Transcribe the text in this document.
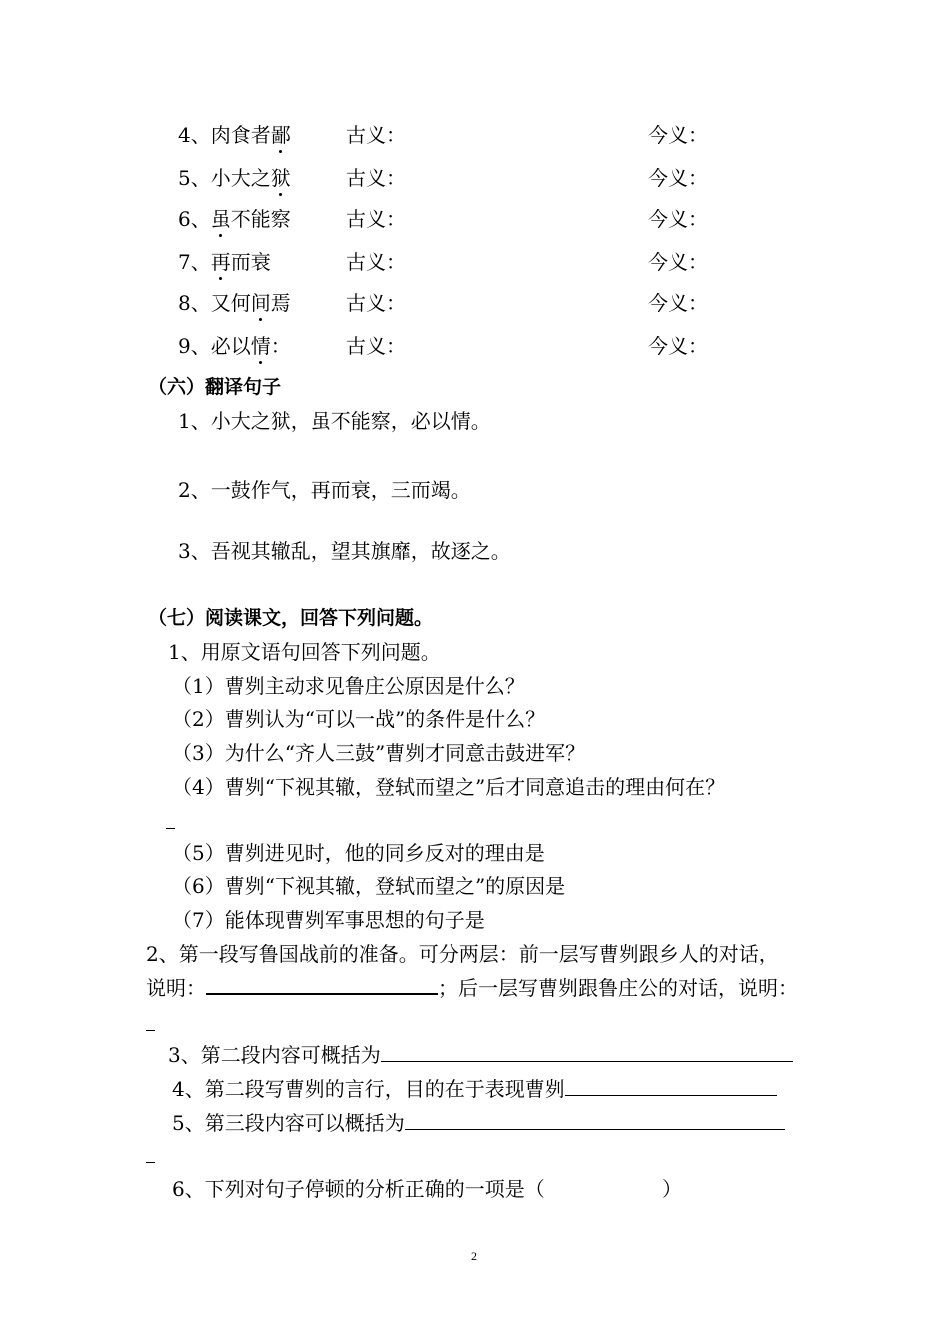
4、肉食者鄙	古义：	今义：
5、小大之狱	古义：	今义：
6、虽不能察	古义：	今义：
7、再而衰	古义：	今义：
8、又何间焉	古义：	今义：
9、必以情：	古义：	今义：
（六）翻译句子
1、小大之狱，虽不能察，必以情。
2、一鼓作气，再而衰，三而竭。
3、吾视其辙乱，望其旗靡，故逐之。
（七）阅读课文，回答下列问题。
1、用原文语句回答下列问题。
（1）曹刿主动求见鲁庄公原因是什么？
（2）曹刿认为“可以一战”的条件是什么？
（3）为什么“齐人三鼓”曹刿才同意击鼓进军？
（4）曹刿“下视其辙，登轼而望之”后才同意追击的理由何在？
（5）曹刿进见时，他的同乡反对的理由是
（6）曹刿“下视其辙，登轼而望之”的原因是
（7）能体现曹刿军事思想的句子是
2、第一段写鲁国战前的准备。可分两层：前一层写曹刿跟乡人的对话，
说明：	；后一层写曹刿跟鲁庄公的对话，说明：
3、第二段内容可概括为
4、第二段写曹刿的言行，目的在于表现曹刿
5、第三段内容可以概括为
6、下列对句子停顿的分析正确的一项是（	）
2
